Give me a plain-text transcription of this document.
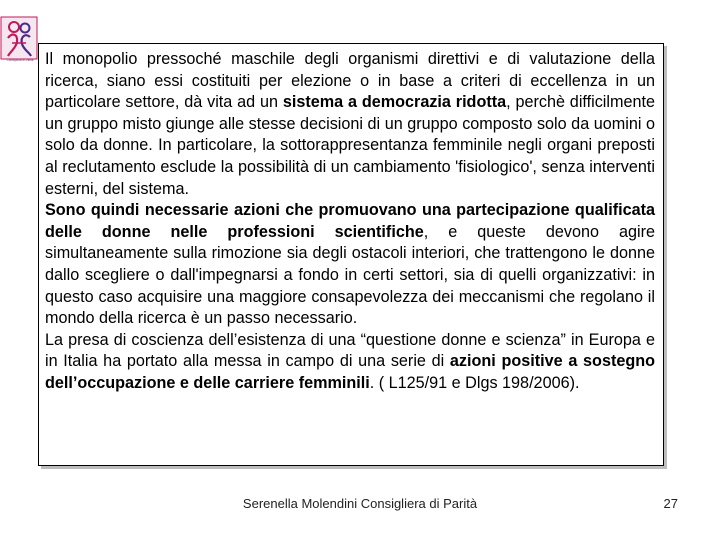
Consigliera di Parità Il monopolio pressoché maschile degli organismi direttivi e di valutazione della ricerca, siano essi costituiti per elezione o in base a criteri di eccellenza in un particolare settore, dà vita ad un sistema a democrazia ridotta, perchè difficilmente un gruppo misto giunge alle stesse decisioni di un gruppo composto solo da uomini o solo da donne. In particolare, la sottorappresentanza femminile negli organi preposti al reclutamento esclude la possibilità di un cambiamento 'fisiologico', senza interventi esterni, del sistema.

Sono quindi necessarie azioni che promuovano una partecipazione qualificata delle donne nelle professioni scientifiche, e queste devono agire simultaneamente sulla rimozione sia degli ostacoli interiori, che trattengono le donne dallo scegliere o dall'impegnarsi a fondo in certi settori, sia di quelli organizzativi: in questo caso acquisire una maggiore consapevolezza dei meccanismi che regolano il mondo della ricerca è un passo necessario.

La presa di coscienza dell’esistenza di una “questione donne e scienza” in Europa e in Italia ha portato alla messa in campo di una serie di azioni positive a sostegno dell’occupazione e delle carriere femminili. ( L125/91 e Dlgs 198/2006).

Serenella Molendini Consigliera di Parità	27
